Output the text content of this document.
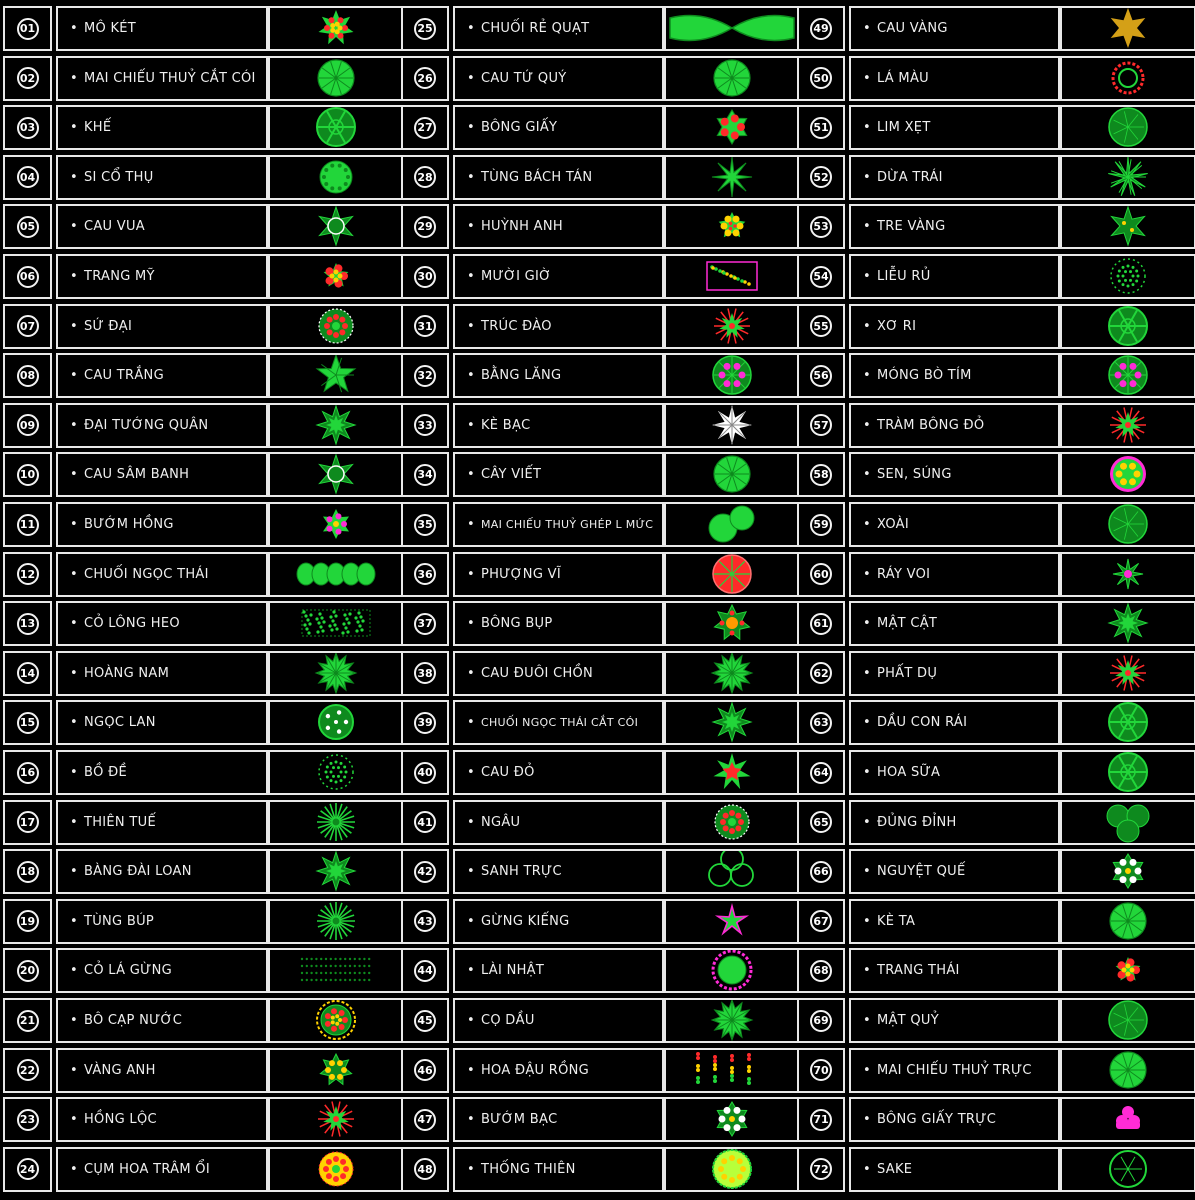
01	• MÔ KÉT
02	• MAI CHIẾU THUỶ CẮT CÓI
03	• KHẾ
04	• SI CỔ THỤ
05	• CAU VUA
06	• TRANG MỸ
07	• SỨ ĐẠI
08	• CAU TRẮNG
09	• ĐẠI TƯỚNG QUÂN
10	• CAU SÂM BANH
11	• BƯỚM HỒNG
12	• CHUỐI NGỌC THÁI
13	• CỎ LÔNG HEO
14	• HOÀNG NAM
15	• NGỌC LAN
16	• BỒ ĐỀ
17	• THIÊN TUẾ
18	• BÀNG ĐÀI LOAN
19	• TÙNG BÚP
20	• CỎ LÁ GỪNG
21	• BÔ CẠP NƯỚC
22	• VÀNG ANH
23	• HỒNG LỘC
24	• CỤM HOA TRÂM ỔI
25	• CHUỐI RẺ QUẠT
26	• CAU TỨ QUÝ
27	• BÔNG GIẤY
28	• TÙNG BÁCH TÁN
29	• HUỲNH ANH
30	• MƯỜI GIỜ
31	• TRÚC ĐÀO
32	• BẰNG LĂNG
33	• KÈ BẠC
34	• CÂY VIẾT
35	• MAI CHIẾU THUỶ GHÉP L MỨC
36	• PHƯỢNG VĨ
37	• BÔNG BỤP
38	• CAU ĐUÔI CHỒN
39	• CHUỐI NGỌC THÁI CẮT CÓI
40	• CAU ĐỎ
41	• NGÂU
42	• SANH TRỰC
43	• GỪNG KIẾNG
44	• LÀI NHẬT
45	• CỌ DẦU
46	• HOA ĐẬU RỒNG
47	• BƯỚM BẠC
48	• THỐNG THIÊN
49	• CAU VÀNG
50	• LÁ MÀU
51	• LIM XẸT
52	• DỪA TRÁI
53	• TRE VÀNG
54	• LIỄU RỦ
55	• XƠ RI
56	• MÓNG BÒ TÍM
57	• TRÀM BÔNG ĐỎ
58	• SEN, SÚNG
59	• XOÀI
60	• RÁY VOI
61	• MẬT CẬT
62	• PHẤT DỤ
63	• DẦU CON RÁI
64	• HOA SỮA
65	• ĐỦNG ĐỈNH
66	• NGUYỆT QUẾ
67	• KÈ TA
68	• TRANG THÁI
69	• MẬT QUỶ
70	• MAI CHIẾU THUỶ TRỰC
71	• BÔNG GIẤY TRỰC
72	• SAKE
